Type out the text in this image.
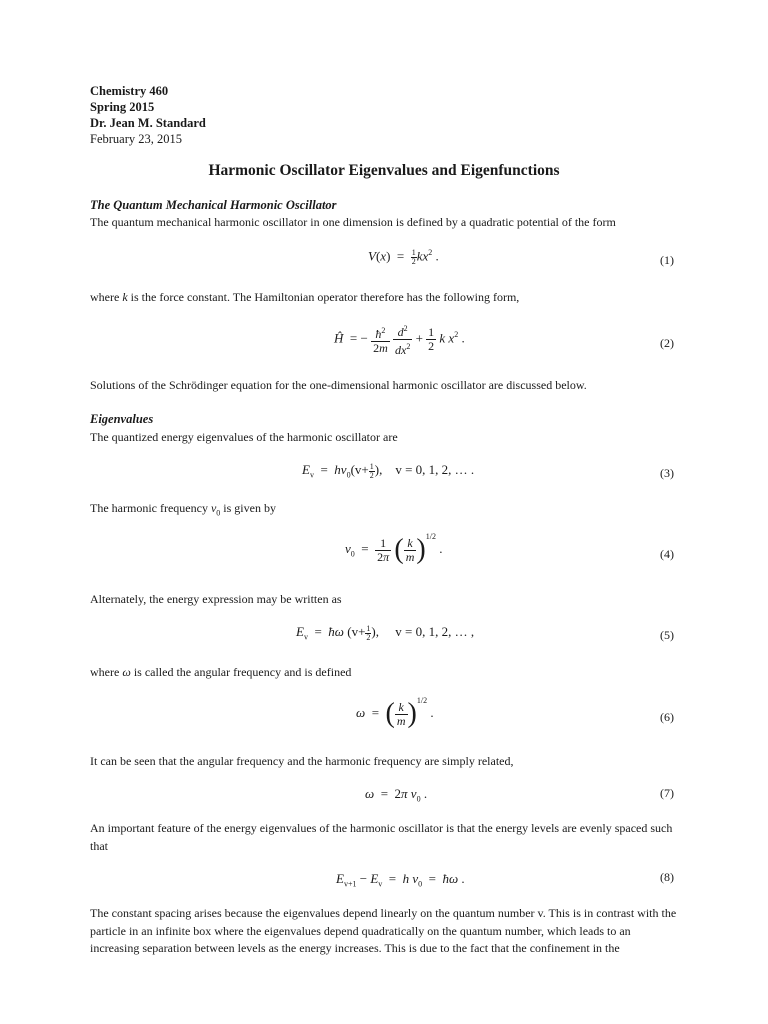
Chemistry 460
Spring 2015
Dr. Jean M. Standard
February 23, 2015
Harmonic Oscillator Eigenvalues and Eigenfunctions
The Quantum Mechanical Harmonic Oscillator
The quantum mechanical harmonic oscillator in one dimension is defined by a quadratic potential of the form
$V(x) = \frac{1}{2} kx^2$ .	(1)
where k is the force constant. The Hamiltonian operator therefore has the following form,
Ĥ  = − $\frac{ħ^2}{2m}$
$\frac{d^2}{dx^2} + \frac{1}{2}$ k $x^2$ .	(2)
Solutions of the Schrödinger equation for the one-dimensional harmonic oscillator are discussed below.
Eigenvalues
The quantized energy eigenvalues of the harmonic oscillator are
$E_v = h\nu_0(v+ \frac{1}{2}$ ),    v = 0, 1, 2, … .	(3)
The harmonic frequency $\nu_0$ is given by
$\nu_0 = \frac{1}{2\pi}$ ( $\frac{k}{m} )^{1/2}$ .	(4)
Alternately, the energy expression may be written as
$E_v$  =  ħω ($v+ \frac{1}{2}$ ),     v = 0, 1, 2, … ,	(5)
where ω is called the angular frequency and is defined
ω  =  ( $\frac{k}{m} )^{1/2}$ .	(6)
It can be seen that the angular frequency and the harmonic frequency are simply related,
ω  =  2π $\nu_0$ .	(7)
An important feature of the energy eigenvalues of the harmonic oscillator is that the energy levels are evenly spaced such that
$E_{v+1} - E_v = h$ $\nu_0$  =  ħω .	(8)
The constant spacing arises because the eigenvalues depend linearly on the quantum number v. This is in contrast with the particle in an infinite box where the eigenvalues depend quadratically on the quantum number, which leads to an increasing separation between levels as the energy increases. This is due to the fact that the confinement in the
